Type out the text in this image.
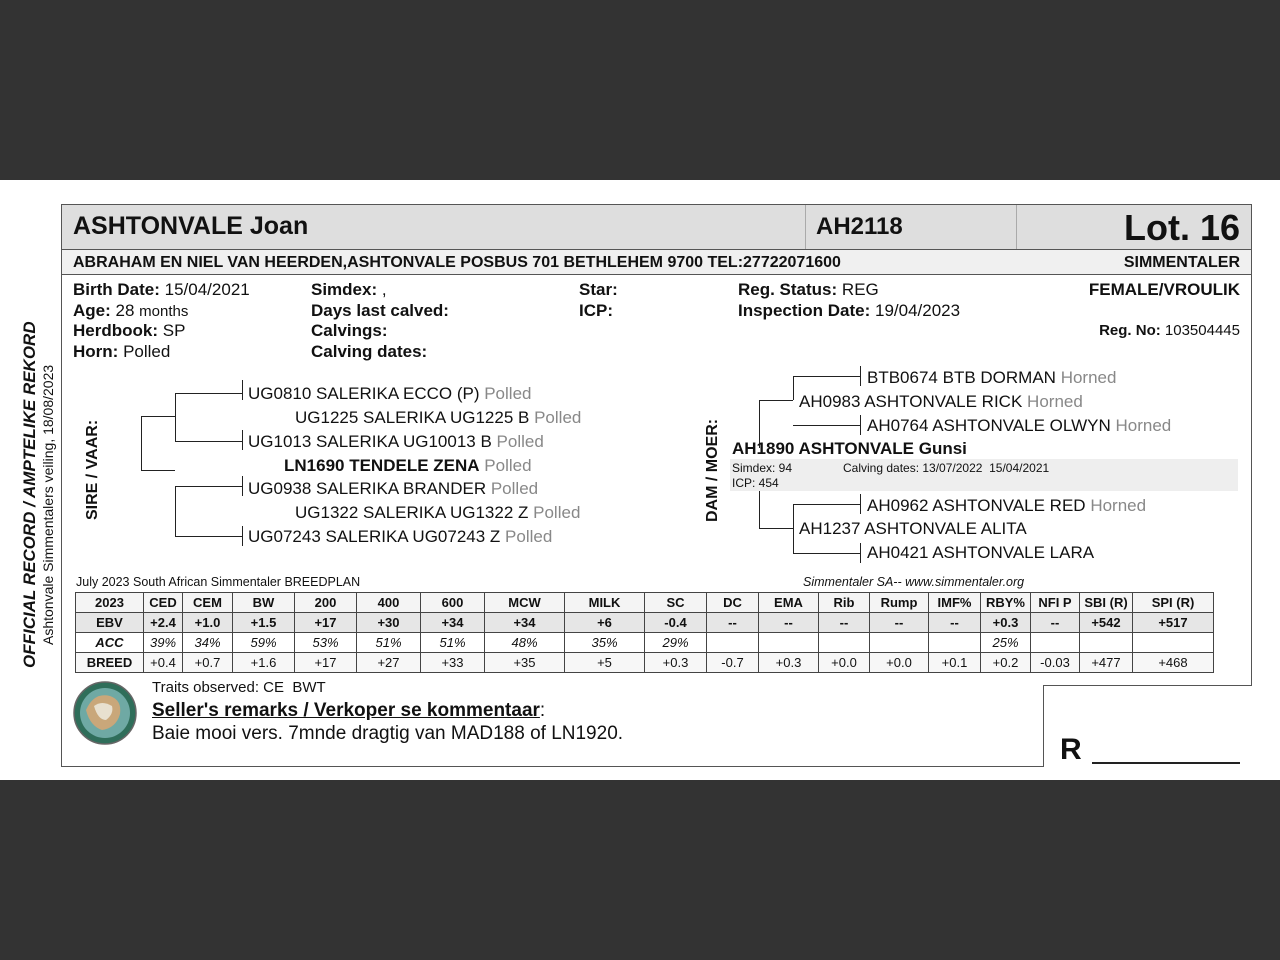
ASHTONVALE Joan	AH2118	Lot. 16
ABRAHAM EN NIEL VAN HEERDEN,ASHTONVALE POSBUS 701 BETHLEHEM 9700 TEL:27722071600	SIMMENTALER
Birth Date: 15/04/2021
Age: 28 months
Herdbook: SP
Horn: Polled
Simdex: ,
Days last calved:
Calvings:
Calving dates:
Star:
ICP:
Reg. Status: REG
Inspection Date: 19/04/2023
FEMALE/VROULIK
Reg. No: 103504445
OFFICIAL RECORD / AMPTELIKE REKORD Ashtonvale Simmentalers veiling, 18/08/2023 SIRE / VAAR:	DAM / MOER:
UG0810 SALERIKA ECCO (P) Polled
UG1225 SALERIKA UG1225 B Polled
UG1013 SALERIKA UG10013 B Polled
LN1690 TENDELE ZENA Polled
UG0938 SALERIKA BRANDER Polled
UG1322 SALERIKA UG1322 Z Polled
UG07243 SALERIKA UG07243 Z Polled
BTB0674 BTB DORMAN Horned
AH0983 ASHTONVALE RICK Horned
AH0764 ASHTONVALE OLWYN Horned
AH1890 ASHTONVALE Gunsi
Simdex: 94	Calving dates: 13/07/2022  15/04/2021
ICP: 454
AH0962 ASHTONVALE RED Horned
AH1237 ASHTONVALE ALITA
AH0421 ASHTONVALE LARA
July 2023 South African Simmentaler BREEDPLAN	Simmentaler SA-- www.simmentaler.org
2023	CED	CEM	BW	200	400	600	MCW	MILK	SC	DC	EMA	Rib	Rump	IMF%	RBY%	NFI P	SBI (R)	SPI (R)
EBV	+2.4	+1.0	+1.5	+17	+30	+34	+34	+6	-0.4	--	--	--	--	--	+0.3	--	+542	+517
ACC	39%	34%	59%	53%	51%	51%	48%	35%	29%						25%			
BREED	+0.4	+0.7	+1.6	+17	+27	+33	+35	+5	+0.3	-0.7	+0.3	+0.0	+0.0	+0.1	+0.2	-0.03	+477	+468
Traits observed: CE  BWT
Seller's remarks / Verkoper se kommentaar:
Baie mooi vers. 7mnde dragtig van MAD188 of LN1920.	R
